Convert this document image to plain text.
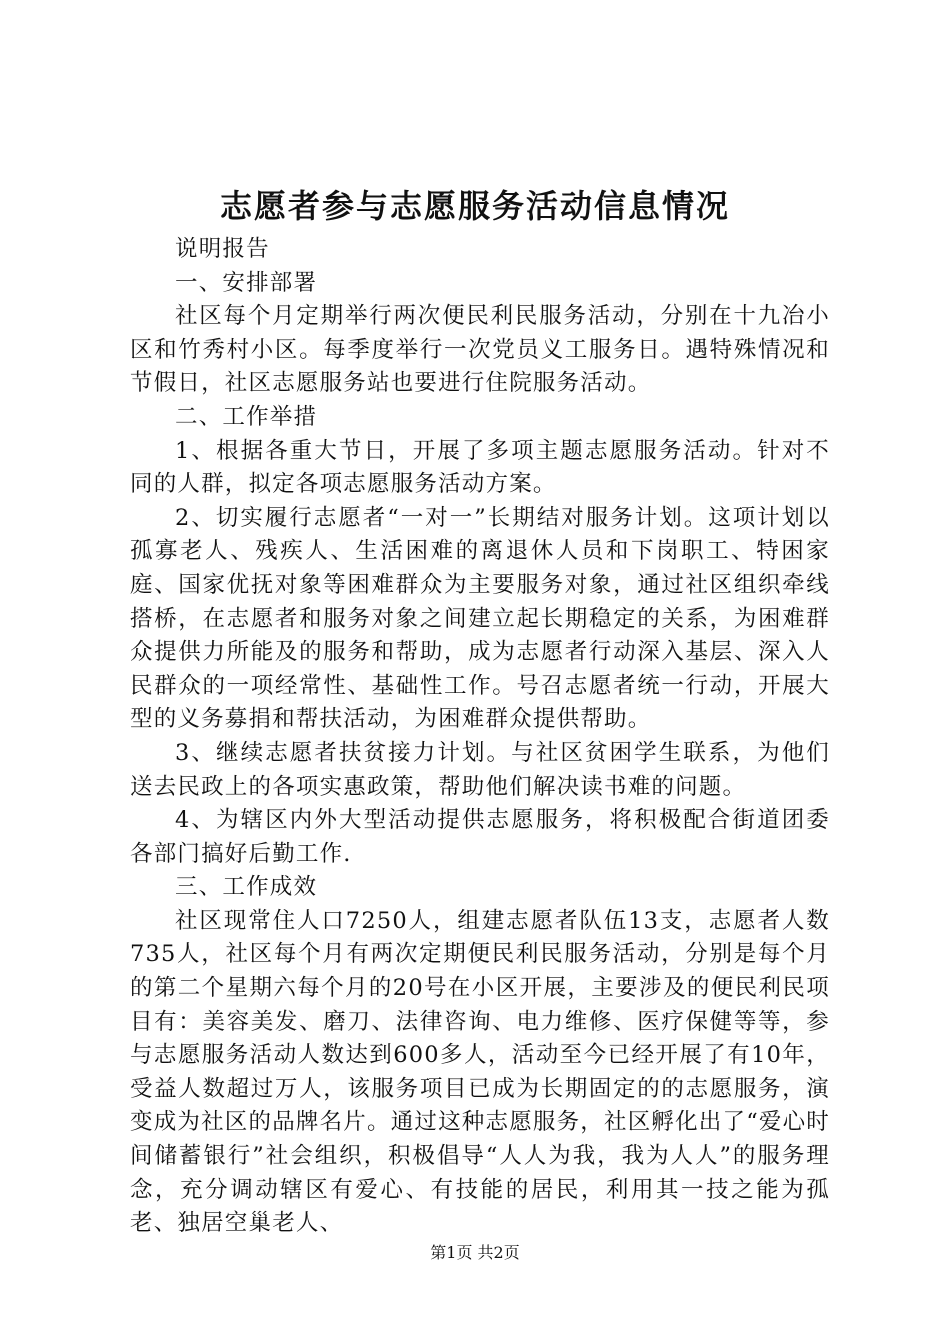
志愿者参与志愿服务活动信息情况

说明报告

一、安排部署

社区每个月定期举行两次便民利民服务活动，分别在十九冶小区和竹秀村小区。每季度举行一次党员义工服务日。遇特殊情况和节假日，社区志愿服务站也要进行住院服务活动。

二、工作举措

1、根据各重大节日，开展了多项主题志愿服务活动。针对不同的人群，拟定各项志愿服务活动方案。

2、切实履行志愿者“一对一”长期结对服务计划。这项计划以孤寡老人、残疾人、生活困难的离退休人员和下岗职工、特困家庭、国家优抚对象等困难群众为主要服务对象，通过社区组织牵线搭桥，在志愿者和服务对象之间建立起长期稳定的关系，为困难群众提供力所能及的服务和帮助，成为志愿者行动深入基层、深入人民群众的一项经常性、基础性工作。号召志愿者统一行动，开展大型的义务募捐和帮扶活动，为困难群众提供帮助。

3、继续志愿者扶贫接力计划。与社区贫困学生联系，为他们送去民政上的各项实惠政策，帮助他们解决读书难的问题。

4、为辖区内外大型活动提供志愿服务，将积极配合街道团委各部门搞好后勤工作.

三、工作成效

社区现常住人口7250人，组建志愿者队伍13支，志愿者人数735人，社区每个月有两次定期便民利民服务活动，分别是每个月的第二个星期六每个月的20号在小区开展，主要涉及的便民利民项目有：美容美发、磨刀、法律咨询、电力维修、医疗保健等等，参与志愿服务活动人数达到600多人，活动至今已经开展了有10年，受益人数超过万人，该服务项目已成为长期固定的的志愿服务，演变成为社区的品牌名片。通过这种志愿服务，社区孵化出了“爱心时间储蓄银行”社会组织，积极倡导“人人为我，我为人人”的服务理念，充分调动辖区有爱心、有技能的居民，利用其一技之能为孤老、独居空巢老人、

第1页 共2页
